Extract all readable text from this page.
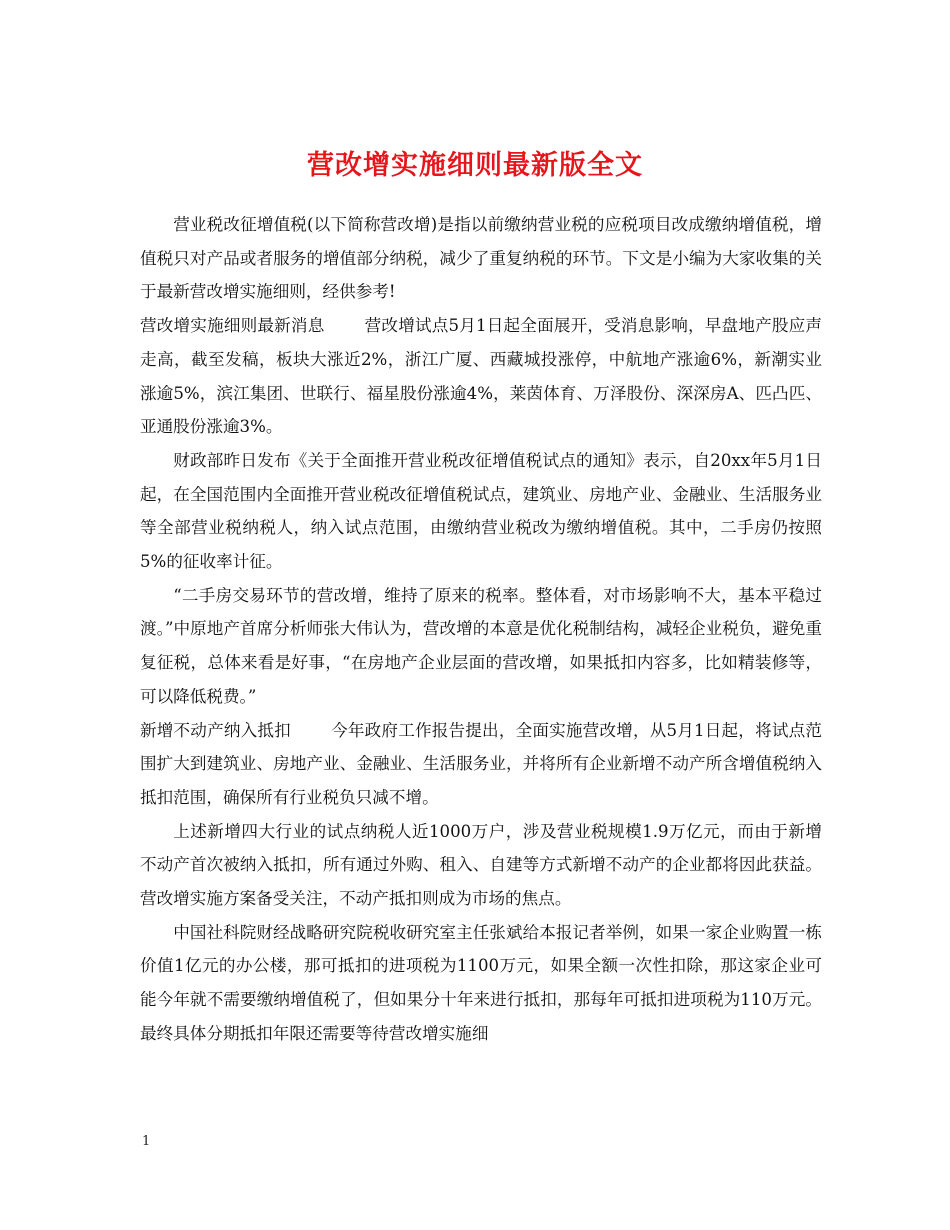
营改增实施细则最新版全文

营业税改征增值税(以下简称营改增)是指以前缴纳营业税的应税项目改成缴纳增值税，增值税只对产品或者服务的增值部分纳税，减少了重复纳税的环节。下文是小编为大家收集的关于最新营改增实施细则，经供参考!

营改增实施细则最新消息 营改增试点5月1日起全面展开，受消息影响，早盘地产股应声走高，截至发稿，板块大涨近2%，浙江广厦、西藏城投涨停，中航地产涨逾6%，新潮实业涨逾5%，滨江集团、世联行、福星股份涨逾4%，莱茵体育、万泽股份、深深房A、匹凸匹、亚通股份涨逾3%。

财政部昨日发布《关于全面推开营业税改征增值税试点的通知》表示，自20xx年5月1日起，在全国范围内全面推开营业税改征增值税试点，建筑业、房地产业、金融业、生活服务业等全部营业税纳税人，纳入试点范围，由缴纳营业税改为缴纳增值税。其中，二手房仍按照5%的征收率计征。

“二手房交易环节的营改增，维持了原来的税率。整体看，对市场影响不大，基本平稳过渡。”中原地产首席分析师张大伟认为，营改增的本意是优化税制结构，减轻企业税负，避免重复征税，总体来看是好事，“在房地产企业层面的营改增，如果抵扣内容多，比如精装修等，可以降低税费。”

新增不动产纳入抵扣 今年政府工作报告提出，全面实施营改增，从5月1日起，将试点范围扩大到建筑业、房地产业、金融业、生活服务业，并将所有企业新增不动产所含增值税纳入抵扣范围，确保所有行业税负只减不增。

上述新增四大行业的试点纳税人近1000万户，涉及营业税规模1.9万亿元，而由于新增不动产首次被纳入抵扣，所有通过外购、租入、自建等方式新增不动产的企业都将因此获益。营改增实施方案备受关注，不动产抵扣则成为市场的焦点。

中国社科院财经战略研究院税收研究室主任张斌给本报记者举例，如果一家企业购置一栋价值1亿元的办公楼，那可抵扣的进项税为1100万元，如果全额一次性扣除，那这家企业可能今年就不需要缴纳增值税了，但如果分十年来进行抵扣，那每年可抵扣进项税为110万元。最终具体分期抵扣年限还需要等待营改增实施细

1
